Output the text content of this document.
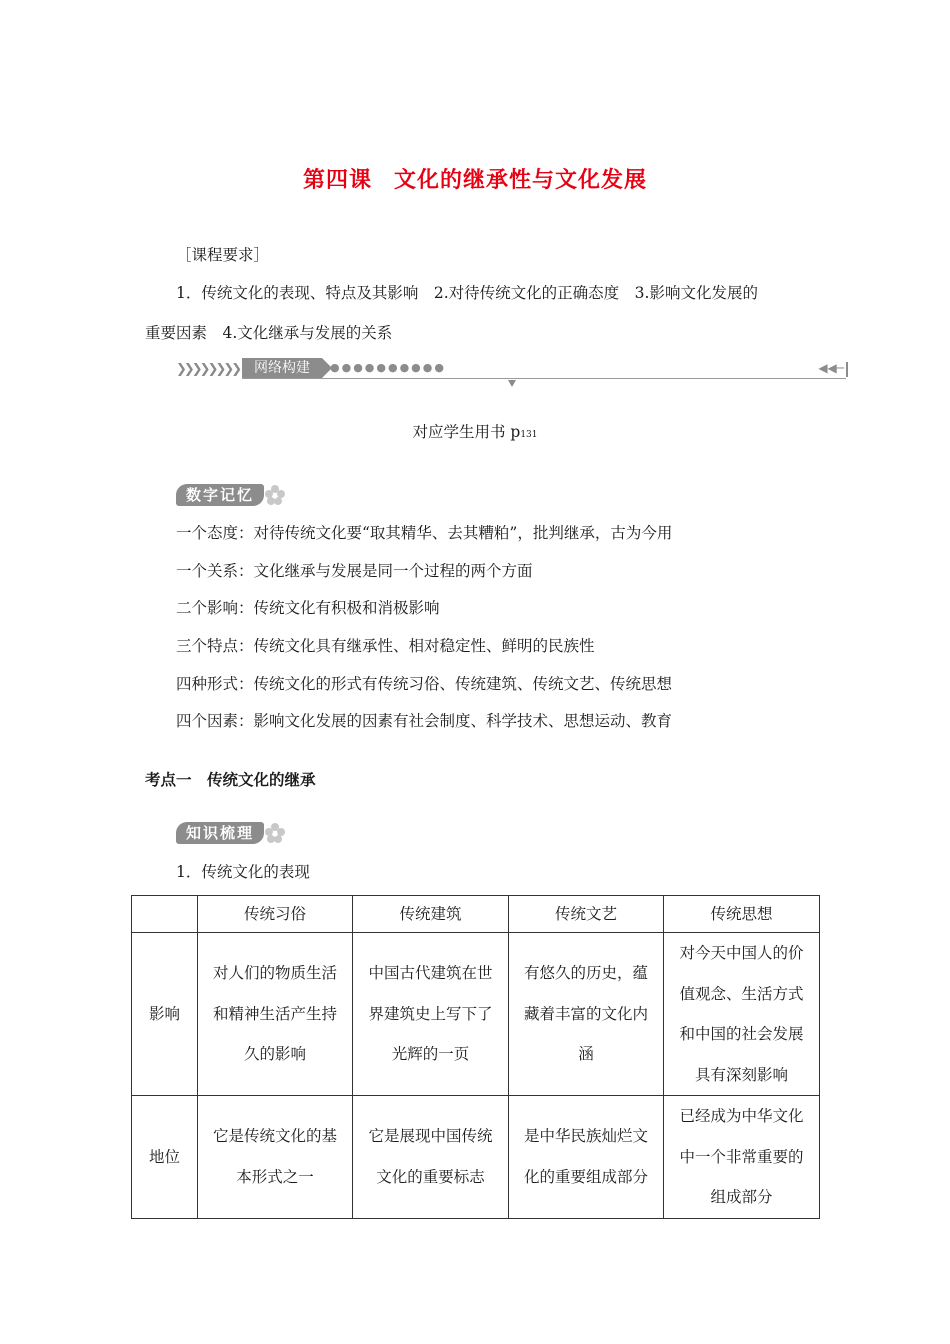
第四课 文化的继承性与文化发展
［课程要求］
1．传统文化的表现、特点及其影响　2.对待传统文化的正确态度　3.影响文化发展的
重要因素　4.文化继承与发展的关系
❯❯❯❯❯❯❯❯	网络构建	●●●●●●●●●●	◀◀─
对应学生用书 p131
数字记忆
一个态度：对待传统文化要“取其精华、去其糟粕”，批判继承，古为今用
一个关系：文化继承与发展是同一个过程的两个方面
二个影响：传统文化有积极和消极影响
三个特点：传统文化具有继承性、相对稳定性、鲜明的民族性
四种形式：传统文化的形式有传统习俗、传统建筑、传统文艺、传统思想
四个因素：影响文化发展的因素有社会制度、科学技术、思想运动、教育
考点一　传统文化的继承
知识梳理
1．传统文化的表现
	传统习俗	传统建筑	传统文艺	传统思想
影响	对人们的物质生活和精神生活产生持久的影响	中国古代建筑在世界建筑史上写下了光辉的一页	有悠久的历史，蕴藏着丰富的文化内涵	对今天中国人的价值观念、生活方式和中国的社会发展具有深刻影响
地位	它是传统文化的基本形式之一	它是展现中国传统文化的重要标志	是中华民族灿烂文化的重要组成部分	已经成为中华文化中一个非常重要的组成部分
